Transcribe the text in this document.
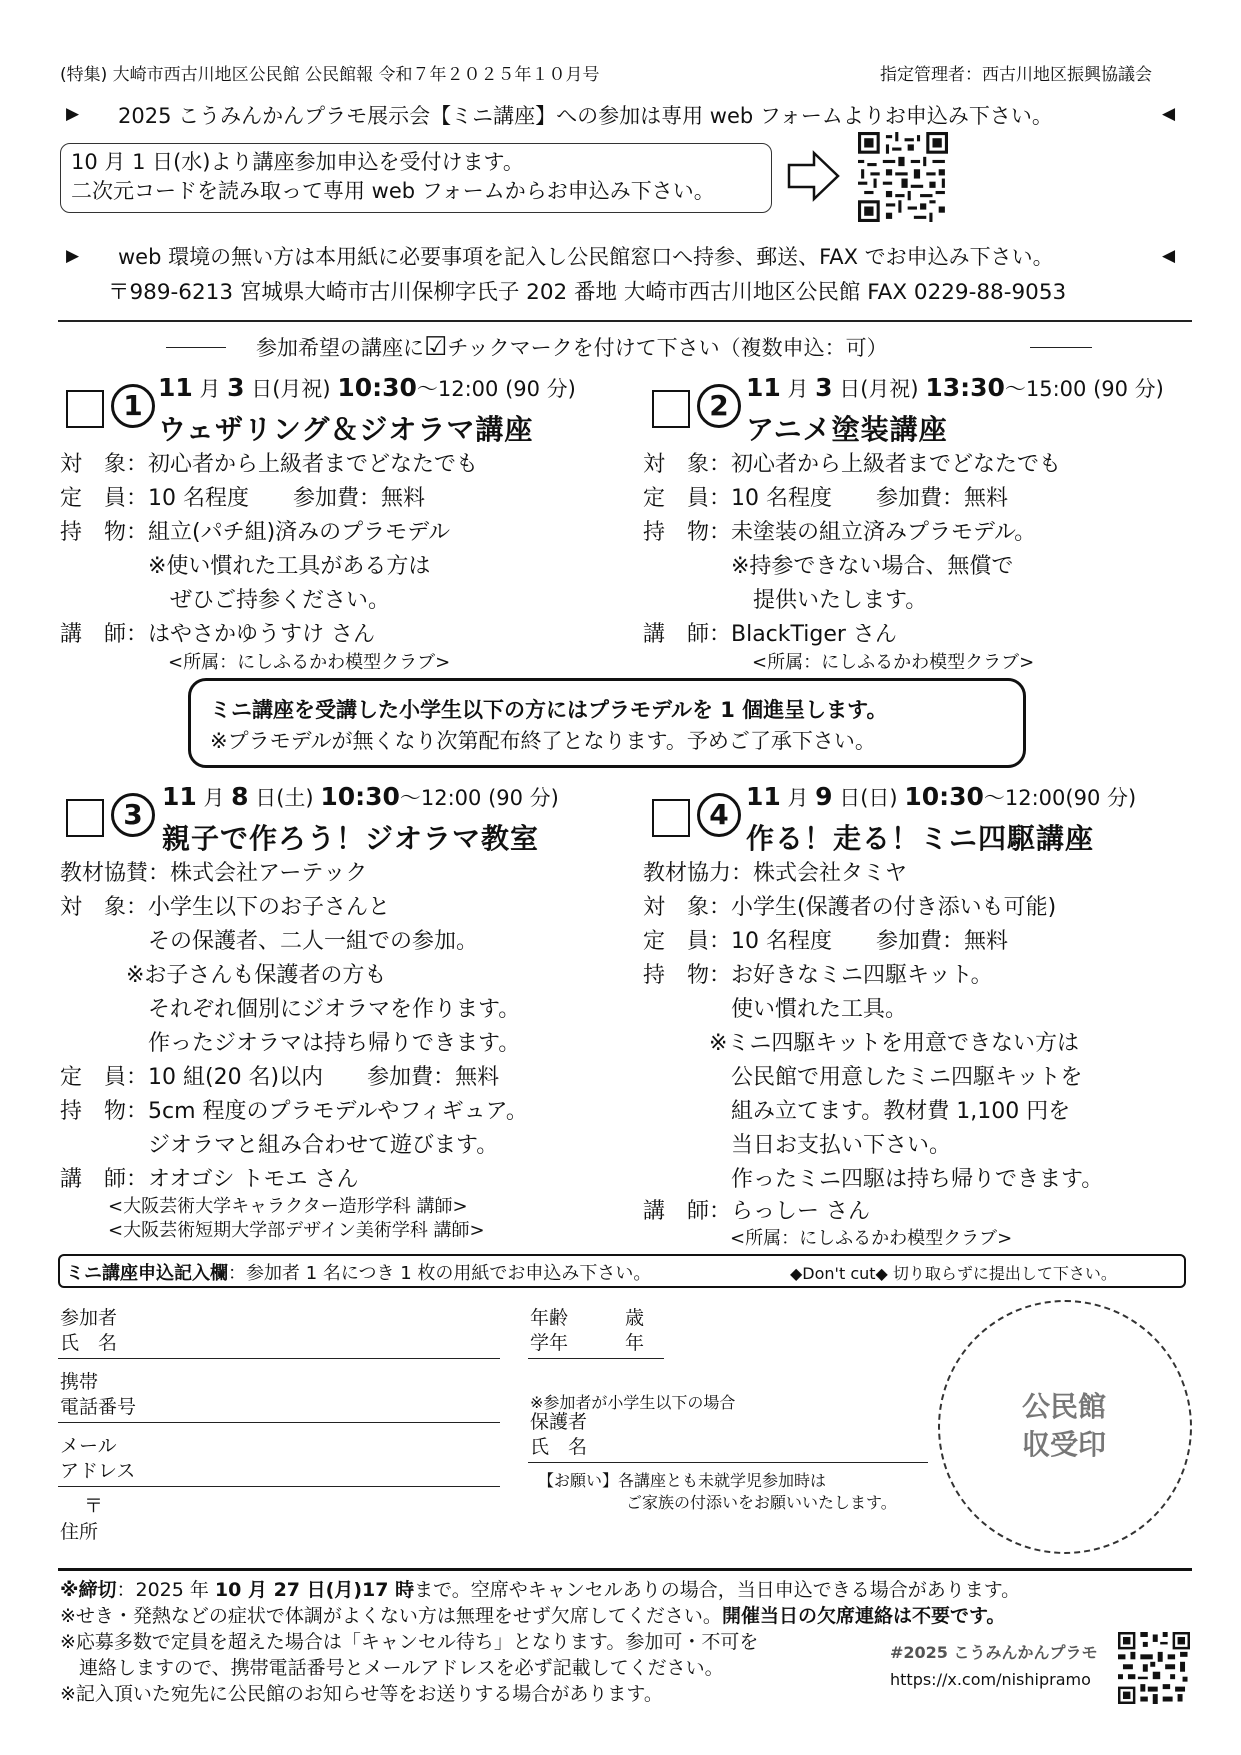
(特集) 大崎市西古川地区公民館 公民館報 令和７年２０２５年１０月号	指定管理者：西古川地区振興協議会
▶ 2025 こうみんかんプラモ展示会【ミニ講座】への参加は専用 web フォームよりお申込み下さい。	◀
10 月 1 日(水)より講座参加申込を受付けます。
二次元コードを読み取って専用 web フォームからお申込み下さい。
▶ web 環境の無い方は本用紙に必要事項を記入し公民館窓口へ持参、郵送、FAX でお申込み下さい。	◀
〒989-6213 宮城県大崎市古川保柳字氏子 202 番地 大崎市西古川地区公民館 FAX 0229-88-9053
参加希望の講座に☑チックマークを付けて下さい（複数申込：可）
1
11 月 3 日(月祝) 10:30～12:00 (90 分)
ウェザリング＆ジオラマ講座
対　象：初心者から上級者までどなたでも
定　員：10 名程度　　参加費：無料
持　物：組立(パチ組)済みのプラモデル
　　　　※使い慣れた工具がある方は
　　　　　ぜひご持参ください。
講　師：はやさかゆうすけ さん
<所属：にしふるかわ模型クラブ>
2
11 月 3 日(月祝) 13:30～15:00 (90 分)
アニメ塗装講座
対　象：初心者から上級者までどなたでも
定　員：10 名程度　　参加費：無料
持　物：未塗装の組立済みプラモデル。
　　　　※持参できない場合、無償で
　　　　　提供いたします。
講　師：BlackTiger さん
<所属：にしふるかわ模型クラブ>
ミニ講座を受講した小学生以下の方にはプラモデルを 1 個進呈します。
※プラモデルが無くなり次第配布終了となります。予めご了承下さい。
3
11 月 8 日(土) 10:30～12:00 (90 分)
親子で作ろう！ジオラマ教室
教材協賛：株式会社アーテック
対　象：小学生以下のお子さんと
　　　　その保護者、二人一組での参加。
　　　※お子さんも保護者の方も
　　　　それぞれ個別にジオラマを作ります。
　　　　作ったジオラマは持ち帰りできます。
定　員：10 組(20 名)以内　　参加費：無料
持　物：5cm 程度のプラモデルやフィギュア。
　　　　ジオラマと組み合わせて遊びます。
講　師：オオゴシ トモエ さん
<大阪芸術大学キャラクター造形学科 講師>
<大阪芸術短期大学部デザイン美術学科 講師>
4
11 月 9 日(日) 10:30～12:00(90 分)
作る！走る！ミニ四駆講座
教材協力：株式会社タミヤ
対　象：小学生(保護者の付き添いも可能)
定　員：10 名程度　　参加費：無料
持　物：お好きなミニ四駆キット。
　　　　使い慣れた工具。
　　　※ミニ四駆キットを用意できない方は
　　　　公民館で用意したミニ四駆キットを
　　　　組み立てます。教材費 1,100 円を
　　　　当日お支払い下さい。
　　　　作ったミニ四駆は持ち帰りできます。
講　師：らっしー さん
<所属：にしふるかわ模型クラブ>
ミニ講座申込記入欄：参加者 1 名につき 1 枚の用紙でお申込み下さい。	◆Don't cut◆ 切り取らずに提出して下さい。
参加者
氏　名
携帯
電話番号
メール
アドレス
〒
住所
年齢　　　歳
学年　　　年
※参加者が小学生以下の場合
保護者
氏　名
【お願い】各講座とも未就学児参加時は
ご家族の付添いをお願いいたします。
公民館
収受印
※締切：2025 年 10 月 27 日(月)17 時まで。空席やキャンセルありの場合，当日申込できる場合があります。
※せき・発熱などの症状で体調がよくない方は無理をせず欠席してください。開催当日の欠席連絡は不要です。
※応募多数で定員を超えた場合は「キャンセル待ち」となります。参加可・不可を
　連絡しますので、携帯電話番号とメールアドレスを必ず記載してください。
※記入頂いた宛先に公民館のお知らせ等をお送りする場合があります。
#2025 こうみんかんプラモ
https://x.com/nishipramo
